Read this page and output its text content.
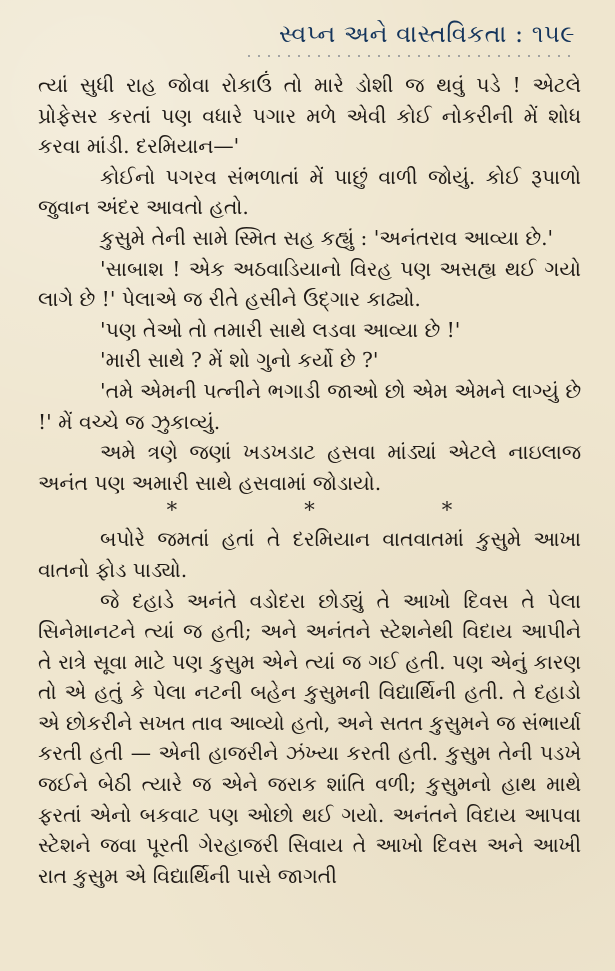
સ્વપ્ન અને વાસ્તવિકતા : ૧૫૯

ત્યાં સુધી રાહ જોવા રોકાઉં તો મારે ડોશી જ થવું પડે ! એટલે પ્રોફેસર કરતાં પણ વધારે પગાર મળે એવી કોઈ નોકરીની મેં શોધ કરવા માંડી. દરમિયાન—'

કોઈનો પગરવ સંભળાતાં મેં પાછું વાળી જોયું. કોઈ રૂપાળો જુવાન અંદર આવતો હતો.

કુસુમે તેની સામે સ્મિત સહ કહ્યું : 'અનંતરાવ આવ્યા છે.'

'સાબાશ ! એક અઠવાડિયાનો વિરહ પણ અસહ્ય થઈ ગયો લાગે છે !' પેલાએ જ રીતે હસીને ઉદ્ગાર કાઢ્યો.

'પણ તેઓ તો તમારી સાથે લડવા આવ્યા છે !'

'મારી સાથે ? મેં શો ગુનો કર્યો છે ?'

'તમે એમની પત્નીને ભગાડી જાઓ છો એમ એમને લાગ્યું છે !' મેં વચ્ચે જ ઝુકાવ્યું.

અમે ત્રણે જણાં ખડખડાટ હસવા માંડ્યાં એટલે નાઇલાજ અનંત પણ અમારી સાથે હસવામાં જોડાયો.

*	*	*

બપોરે જમતાં હતાં તે દરમિયાન વાતવાતમાં કુસુમે આખા વાતનો ફોડ પાડ્યો.

જે દહાડે અનંતે વડોદરા છોડ્યું તે આખો દિવસ તે પેલા સિનેમાનટને ત્યાં જ હતી; અને અનંતને સ્ટેશનેથી વિદાય આપીને તે રાત્રે સૂવા માટે પણ કુસુમ એને ત્યાં જ ગઈ હતી. પણ એનું કારણ તો એ હતું કે પેલા નટની બહેન કુસુમની વિદ્યાર્થિની હતી. તે દહાડો એ છોકરીને સખત તાવ આવ્યો હતો, અને સતત કુસુમને જ સંભાર્યા કરતી હતી — એની હાજરીને ઝંખ્યા કરતી હતી. કુસુમ તેની પડખે જઈને બેઠી ત્યારે જ એને જરાક શાંતિ વળી; કુસુમનો હાથ માથે ફરતાં એનો બકવાટ પણ ઓછો થઈ ગયો. અનંતને વિદાય આપવા સ્ટેશને જવા પૂરતી ગેરહાજરી સિવાય તે આખો દિવસ અને આખી રાત કુસુમ એ વિદ્યાર્થિની પાસે જાગતી
